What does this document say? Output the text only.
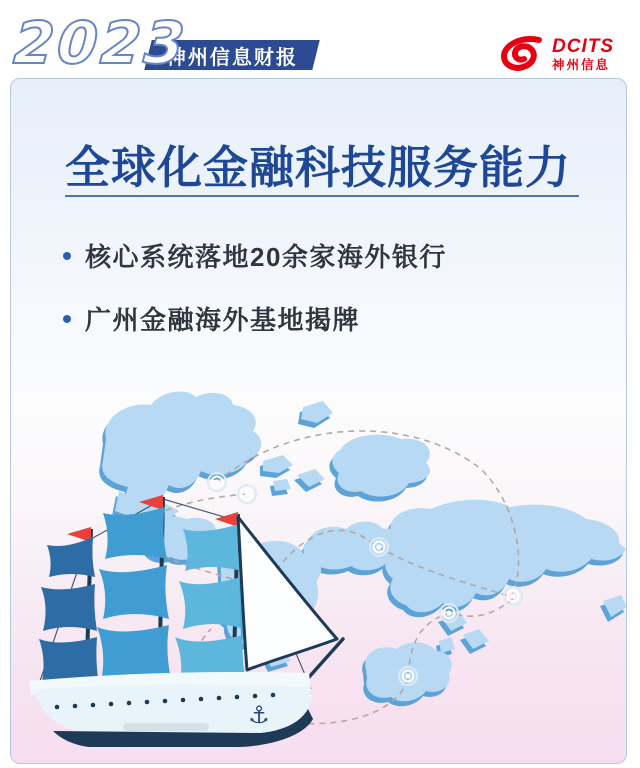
2023
神州信息财报
DCITS
神州信息
全球化金融科技服务能力
核心系统落地20余家海外银行
广州金融海外基地揭牌
⚓
